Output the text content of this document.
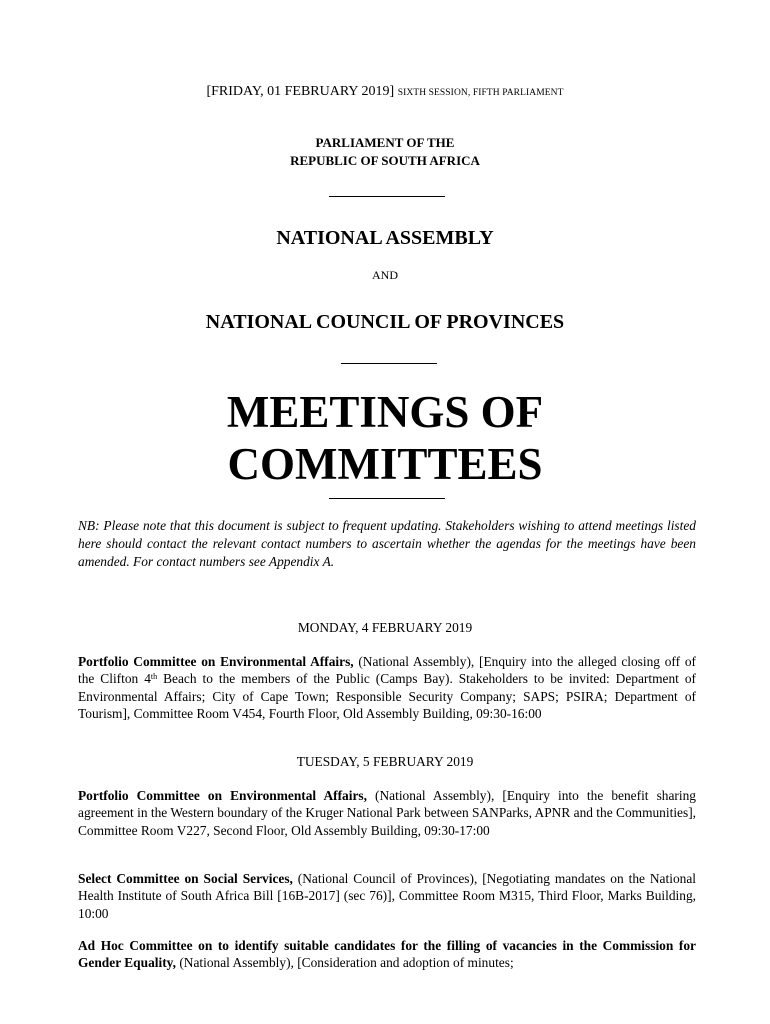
[FRIDAY, 01 FEBRUARY 2019] SIXTH SESSION, FIFTH PARLIAMENT
PARLIAMENT OF THE
REPUBLIC OF SOUTH AFRICA
NATIONAL ASSEMBLY
AND
NATIONAL COUNCIL OF PROVINCES
MEETINGS OF
COMMITTEES
NB: Please note that this document is subject to frequent updating. Stakeholders wishing to attend meetings listed here should contact the relevant contact numbers to ascertain whether the agendas for the meetings have been amended. For contact numbers see Appendix A.
MONDAY, 4 FEBRUARY 2019
Portfolio Committee on Environmental Affairs, (National Assembly), [Enquiry into the alleged closing off of the Clifton 4th Beach to the members of the Public (Camps Bay). Stakeholders to be invited: Department of Environmental Affairs; City of Cape Town; Responsible Security Company; SAPS; PSIRA; Department of Tourism], Committee Room V454, Fourth Floor, Old Assembly Building, 09:30-16:00
TUESDAY, 5 FEBRUARY 2019
Portfolio Committee on Environmental Affairs, (National Assembly), [Enquiry into the benefit sharing agreement in the Western boundary of the Kruger National Park between SANParks, APNR and the Communities], Committee Room V227, Second Floor, Old Assembly Building, 09:30-17:00
Select Committee on Social Services, (National Council of Provinces), [Negotiating mandates on the National Health Institute of South Africa Bill [16B-2017] (sec 76)], Committee Room M315, Third Floor, Marks Building, 10:00
Ad Hoc Committee on to identify suitable candidates for the filling of vacancies in the Commission for Gender Equality, (National Assembly), [Consideration and adoption of minutes;
